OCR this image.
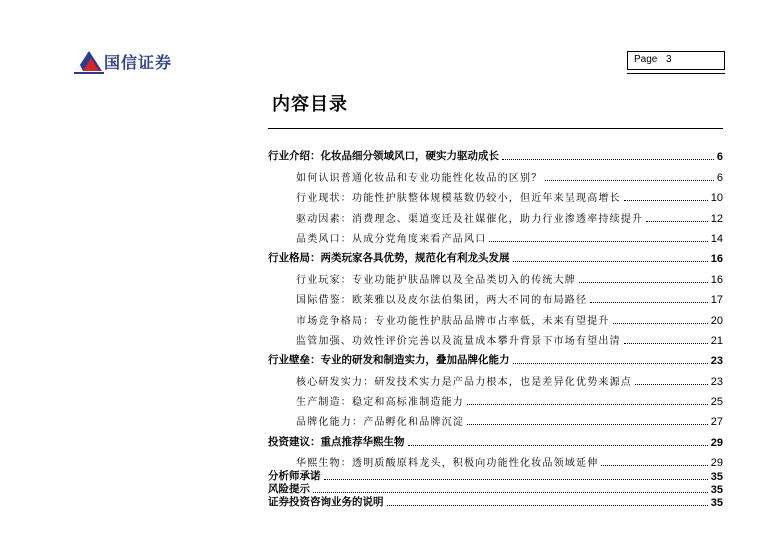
国信证券	Page 3
内容目录
行业介绍：化妆品细分领域风口，硬实力驱动成长	6
如何认识普通化妆品和专业功能性化妆品的区别？	6
行业现状：功能性护肤整体规模基数仍较小，但近年来呈现高增长	10
驱动因素：消费理念、渠道变迁及社媒催化，助力行业渗透率持续提升	12
品类风口：从成分党角度来看产品风口	14
行业格局：两类玩家各具优势，规范化有利龙头发展	16
行业玩家：专业功能护肤品牌以及全品类切入的传统大牌	16
国际借鉴：欧莱雅以及皮尔法伯集团，两大不同的布局路径	17
市场竞争格局：专业功能性护肤品品牌市占率低，未来有望提升	20
监管加强、功效性评价完善以及流量成本攀升背景下市场有望出清	21
行业壁垒：专业的研发和制造实力，叠加品牌化能力	23
核心研发实力：研发技术实力是产品力根本，也是差异化优势来源点	23
生产制造：稳定和高标准制造能力	25
品牌化能力：产品孵化和品牌沉淀	27
投资建议：重点推荐华熙生物	29
华熙生物：透明质酸原料龙头，积极向功能性化妆品领域延伸	29
分析师承诺	35
风险提示	35
证券投资咨询业务的说明	35
